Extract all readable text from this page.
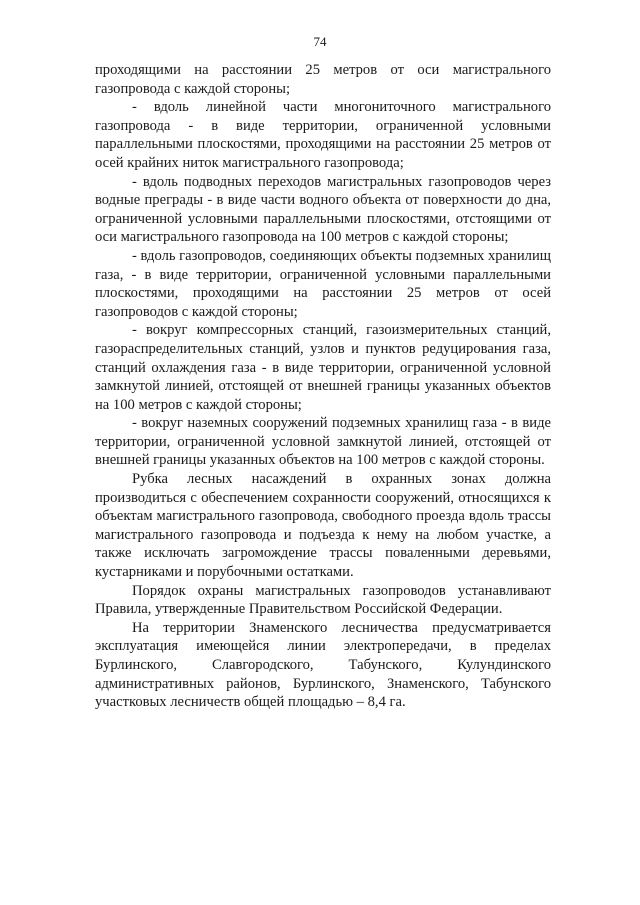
74

проходящими на расстоянии 25 метров от оси магистрального газопровода с каждой стороны;

- вдоль линейной части многониточного магистрального газопровода - в виде территории, ограниченной условными параллельными плоскостями, проходящими на расстоянии 25 метров от осей крайних ниток магистрального газопровода;

- вдоль подводных переходов магистральных газопроводов через водные преграды - в виде части водного объекта от поверхности до дна, ограниченной условными параллельными плоскостями, отстоящими от оси магистрального газопровода на 100 метров с каждой стороны;

- вдоль газопроводов, соединяющих объекты подземных хранилищ газа, - в виде территории, ограниченной условными параллельными плоскостями, проходящими на расстоянии 25 метров от осей газопроводов с каждой стороны;

- вокруг компрессорных станций, газоизмерительных станций, газораспределительных станций, узлов и пунктов редуцирования газа, станций охлаждения газа - в виде территории, ограниченной условной замкнутой линией, отстоящей от внешней границы указанных объектов на 100 метров с каждой стороны;

- вокруг наземных сооружений подземных хранилищ газа - в виде территории, ограниченной условной замкнутой линией, отстоящей от внешней границы указанных объектов на 100 метров с каждой стороны.

Рубка лесных насаждений в охранных зонах должна производиться с обеспечением сохранности сооружений, относящихся к объектам магистрального газопровода, свободного проезда вдоль трассы магистрального газопровода и подъезда к нему на любом участке, а также исключать загромождение трассы поваленными деревьями, кустарниками и порубочными остатками.

Порядок охраны магистральных газопроводов устанавливают Правила, утвержденные Правительством Российской Федерации.

На территории Знаменского лесничества предусматривается эксплуатация имеющейся линии электропередачи, в пределах Бурлинского, Славгородского, Табунского, Кулундинского административных районов, Бурлинского, Знаменского, Табунского участковых лесничеств общей площадью – 8,4 га.
